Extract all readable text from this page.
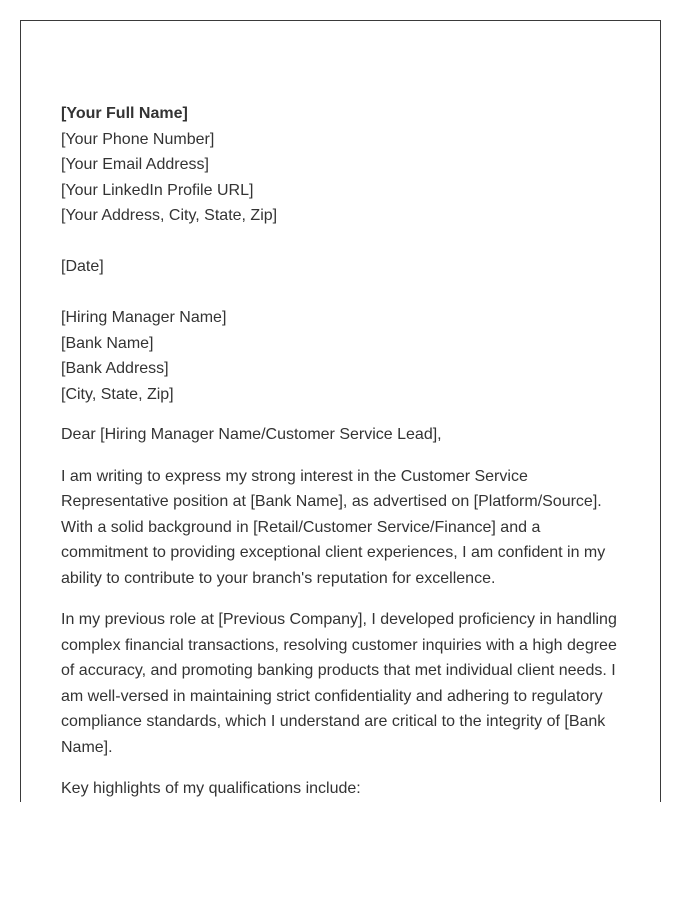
[Your Full Name]
[Your Phone Number]
[Your Email Address]
[Your LinkedIn Profile URL]
[Your Address, City, State, Zip]
[Date]
[Hiring Manager Name]
[Bank Name]
[Bank Address]
[City, State, Zip]

Dear [Hiring Manager Name/Customer Service Lead],

I am writing to express my strong interest in the Customer Service Representative position at [Bank Name], as advertised on [Platform/Source]. With a solid background in [Retail/Customer Service/Finance] and a commitment to providing exceptional client experiences, I am confident in my ability to contribute to your branch's reputation for excellence.

In my previous role at [Previous Company], I developed proficiency in handling complex financial transactions, resolving customer inquiries with a high degree of accuracy, and promoting banking products that met individual client needs. I am well-versed in maintaining strict confidentiality and adhering to regulatory compliance standards, which I understand are critical to the integrity of [Bank Name].

Key highlights of my qualifications include:
